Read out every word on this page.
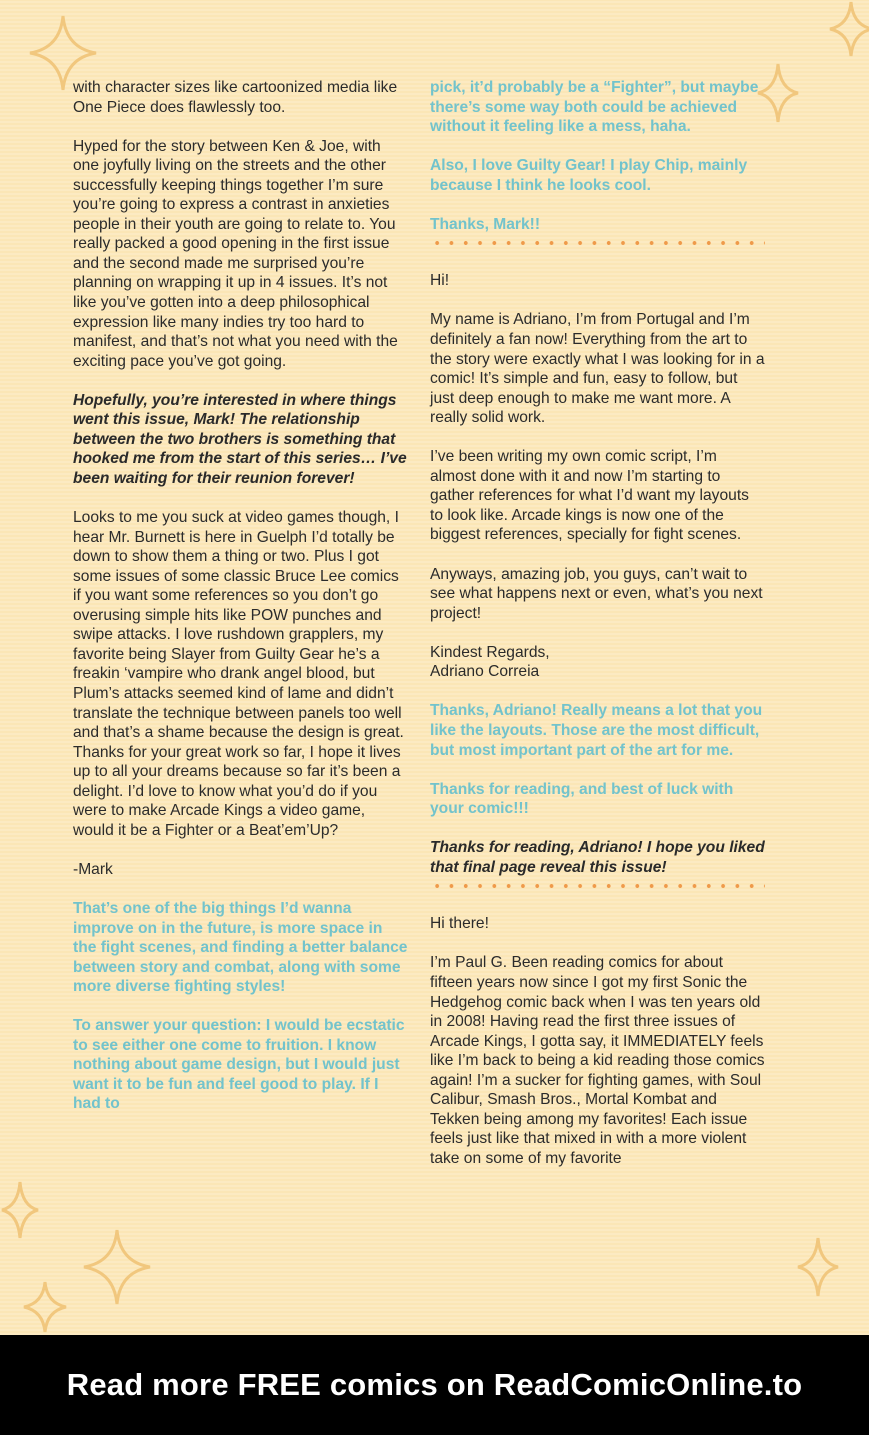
with character sizes like cartoonized media like One Piece does flawlessly too.

Hyped for the story between Ken & Joe, with one joyfully living on the streets and the other successfully keeping things together I’m sure you’re going to express a contrast in anxieties people in their youth are going to relate to. You really packed a good opening in the first issue and the second made me surprised you’re planning on wrapping it up in 4 issues. It’s not like you’ve gotten into a deep philosophical expression like many indies try too hard to manifest, and that’s not what you need with the exciting pace you’ve got going.

Hopefully, you’re interested in where things went this issue, Mark! The relationship between the two brothers is something that hooked me from the start of this series… I’ve been waiting for their reunion forever!

Looks to me you suck at video games though, I hear Mr. Burnett is here in Guelph I’d totally be down to show them a thing or two. Plus I got some issues of some classic Bruce Lee comics if you want some references so you don’t go overusing simple hits like POW punches and swipe attacks. I love rushdown grapplers, my favorite being Slayer from Guilty Gear he’s a freakin ‘vampire who drank angel blood, but Plum’s attacks seemed kind of lame and didn’t translate the technique between panels too well and that’s a shame because the design is great. Thanks for your great work so far, I hope it lives up to all your dreams because so far it’s been a delight. I’d love to know what you’d do if you were to make Arcade Kings a video game, would it be a Fighter or a Beat’em’Up?

-Mark

That’s one of the big things I’d wanna improve on in the future, is more space in the fight scenes, and finding a better balance between story and combat, along with some more diverse fighting styles!

To answer your question: I would be ecstatic to see either one come to fruition. I know nothing about game design, but I would just want it to be fun and feel good to play. If I had to

pick, it’d probably be a “Fighter”, but maybe there’s some way both could be achieved without it feeling like a mess, haha.

Also, I love Guilty Gear! I play Chip, mainly because I think he looks cool.

Thanks, Mark!!

Hi!

My name is Adriano, I’m from Portugal and I’m definitely a fan now! Everything from the art to the story were exactly what I was looking for in a comic! It’s simple and fun, easy to follow, but just deep enough to make me want more. A really solid work.

I’ve been writing my own comic script, I’m almost done with it and now I’m starting to gather references for what I’d want my layouts to look like. Arcade kings is now one of the biggest references, specially for fight scenes.

Anyways, amazing job, you guys, can’t wait to see what happens next or even, what’s you next project!

Kindest Regards,
Adriano Correia

Thanks, Adriano! Really means a lot that you like the layouts. Those are the most difficult, but most important part of the art for me.

Thanks for reading, and best of luck with your comic!!!

Thanks for reading, Adriano! I hope you liked that final page reveal this issue!

Hi there!

I’m Paul G. Been reading comics for about fifteen years now since I got my first Sonic the Hedgehog comic back when I was ten years old in 2008! Having read the first three issues of Arcade Kings, I gotta say, it IMMEDIATELY feels like I’m back to being a kid reading those comics again! I’m a sucker for fighting games, with Soul Calibur, Smash Bros., Mortal Kombat and Tekken being among my favorites! Each issue feels just like that mixed in with a more violent take on some of my favorite

Read more FREE comics on ReadComicOnline.to
